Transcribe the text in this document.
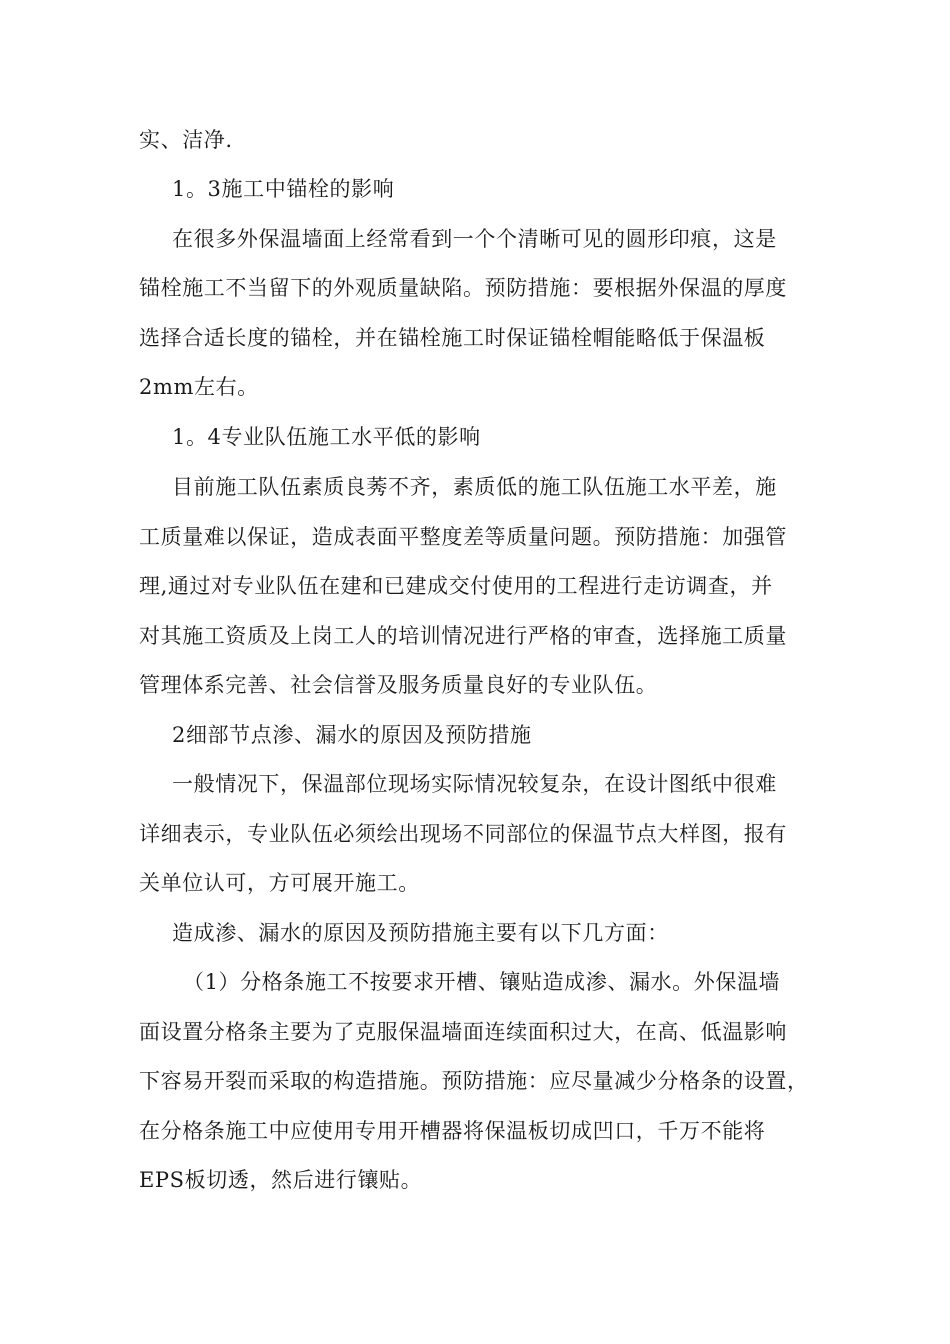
实、洁净.
1。3施工中锚栓的影响
在很多外保温墙面上经常看到一个个清晰可见的圆形印痕，这是
锚栓施工不当留下的外观质量缺陷。预防措施：要根据外保温的厚度
选择合适长度的锚栓，并在锚栓施工时保证锚栓帽能略低于保温板
2mm左右。
1。4专业队伍施工水平低的影响
目前施工队伍素质良莠不齐，素质低的施工队伍施工水平差，施
工质量难以保证，造成表面平整度差等质量问题。预防措施：加强管
理,通过对专业队伍在建和已建成交付使用的工程进行走访调查，并
对其施工资质及上岗工人的培训情况进行严格的审查，选择施工质量
管理体系完善、社会信誉及服务质量良好的专业队伍。
2细部节点渗、漏水的原因及预防措施
一般情况下，保温部位现场实际情况较复杂，在设计图纸中很难
详细表示，专业队伍必须绘出现场不同部位的保温节点大样图，报有
关单位认可，方可展开施工。
造成渗、漏水的原因及预防措施主要有以下几方面：
（1）分格条施工不按要求开槽、镶贴造成渗、漏水。外保温墙
面设置分格条主要为了克服保温墙面连续面积过大，在高、低温影响
下容易开裂而采取的构造措施。预防措施：应尽量减少分格条的设置，
在分格条施工中应使用专用开槽器将保温板切成凹口，千万不能将
EPS板切透，然后进行镶贴。
